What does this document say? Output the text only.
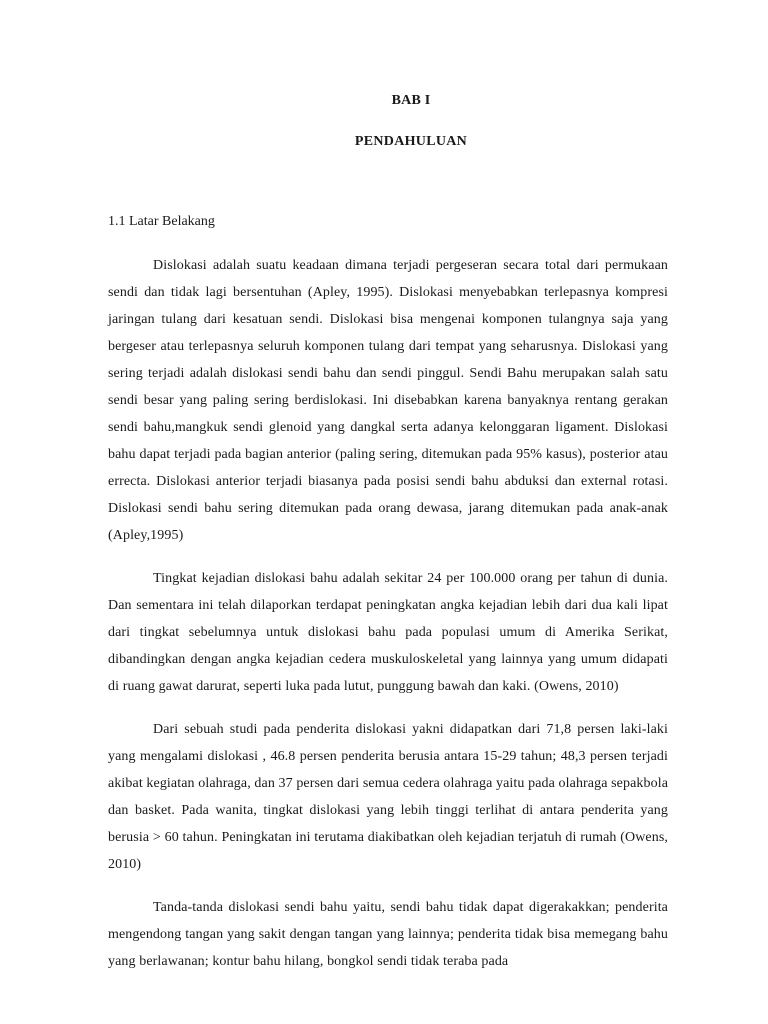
BAB I
PENDAHULUAN
1.1 Latar Belakang

Dislokasi adalah suatu keadaan dimana terjadi pergeseran secara total dari permukaan sendi dan tidak lagi bersentuhan (Apley, 1995). Dislokasi menyebabkan terlepasnya kompresi jaringan tulang dari kesatuan sendi. Dislokasi bisa mengenai komponen tulangnya saja yang bergeser atau terlepasnya seluruh komponen tulang dari tempat yang seharusnya. Dislokasi yang sering terjadi adalah dislokasi sendi bahu dan sendi pinggul. Sendi Bahu merupakan salah satu sendi besar yang paling sering berdislokasi. Ini disebabkan karena banyaknya rentang gerakan sendi bahu,mangkuk sendi glenoid yang dangkal serta adanya kelonggaran ligament. Dislokasi bahu dapat terjadi pada bagian anterior (paling sering, ditemukan pada 95% kasus), posterior atau errecta. Dislokasi anterior terjadi biasanya pada posisi sendi bahu abduksi dan external rotasi. Dislokasi sendi bahu sering ditemukan pada orang dewasa, jarang ditemukan pada anak-anak (Apley,1995)

Tingkat kejadian dislokasi bahu adalah sekitar 24 per 100.000 orang per tahun di dunia. Dan sementara ini telah dilaporkan terdapat peningkatan angka kejadian lebih dari dua kali lipat dari tingkat sebelumnya untuk dislokasi bahu pada populasi umum di Amerika Serikat, dibandingkan dengan angka kejadian cedera muskuloskeletal yang lainnya yang umum didapati di ruang gawat darurat, seperti luka pada lutut, punggung bawah dan kaki. (Owens, 2010)

Dari sebuah studi pada penderita dislokasi yakni didapatkan dari 71,8 persen laki-laki yang mengalami dislokasi , 46.8 persen penderita berusia antara 15-29 tahun; 48,3 persen terjadi akibat kegiatan olahraga, dan 37 persen dari semua cedera olahraga yaitu pada olahraga sepakbola dan basket. Pada wanita, tingkat dislokasi yang lebih tinggi terlihat di antara penderita yang berusia > 60 tahun. Peningkatan ini terutama diakibatkan oleh kejadian terjatuh di rumah (Owens, 2010)

Tanda-tanda dislokasi sendi bahu yaitu, sendi bahu tidak dapat digerakakkan; penderita mengendong tangan yang sakit dengan tangan yang lainnya; penderita tidak bisa memegang bahu yang berlawanan; kontur bahu hilang, bongkol sendi tidak teraba pada
